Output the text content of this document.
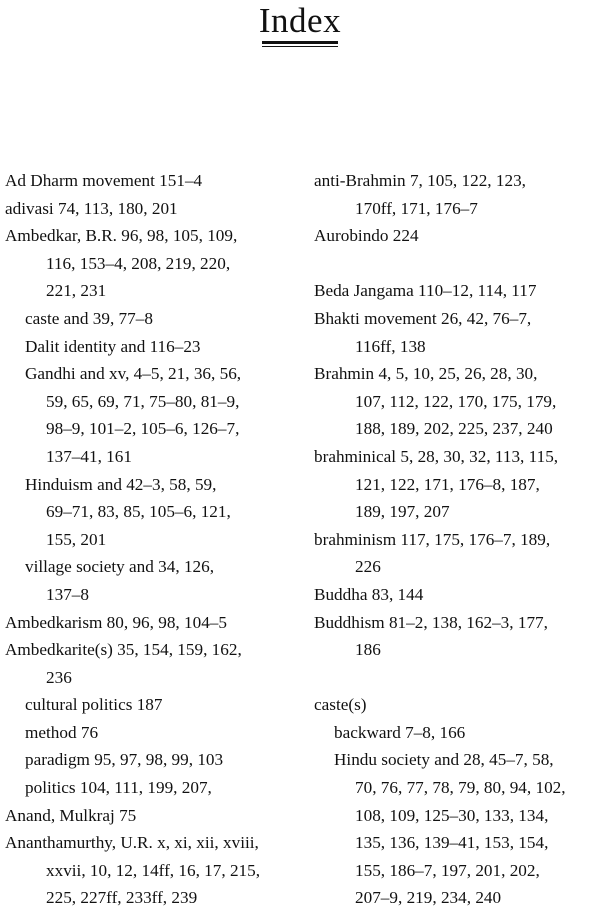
Index
Ad Dharm movement 151–4
adivasi 74, 113, 180, 201
Ambedkar, B.R. 96, 98, 105, 109,
116, 153–4, 208, 219, 220,
221, 231
caste and 39, 77–8
Dalit identity and 116–23
Gandhi and xv, 4–5, 21, 36, 56,
59, 65, 69, 71, 75–80, 81–9,
98–9, 101–2, 105–6, 126–7,
137–41, 161
Hinduism and 42–3, 58, 59,
69–71, 83, 85, 105–6, 121,
155, 201
village society and 34, 126,
137–8
Ambedkarism 80, 96, 98, 104–5
Ambedkarite(s) 35, 154, 159, 162,
236
cultural politics 187
method 76
paradigm 95, 97, 98, 99, 103
politics 104, 111, 199, 207,
Anand, Mulkraj 75
Ananthamurthy, U.R. x, xi, xii, xviii,
xxvii, 10, 12, 14ff, 16, 17, 215,
225, 227ff, 233ff, 239
anti-Brahmin 7, 105, 122, 123,
170ff, 171, 176–7
Aurobindo 224
Beda Jangama 110–12, 114, 117
Bhakti movement 26, 42, 76–7,
116ff, 138
Brahmin 4, 5, 10, 25, 26, 28, 30,
107, 112, 122, 170, 175, 179,
188, 189, 202, 225, 237, 240
brahminical 5, 28, 30, 32, 113, 115,
121, 122, 171, 176–8, 187,
189, 197, 207
brahminism 117, 175, 176–7, 189,
226
Buddha 83, 144
Buddhism 81–2, 138, 162–3, 177,
186
caste(s)
backward 7–8, 166
Hindu society and 28, 45–7, 58,
70, 76, 77, 78, 79, 80, 94, 102,
108, 109, 125–30, 133, 134,
135, 136, 139–41, 153, 154,
155, 186–7, 197, 201, 202,
207–9, 219, 234, 240
